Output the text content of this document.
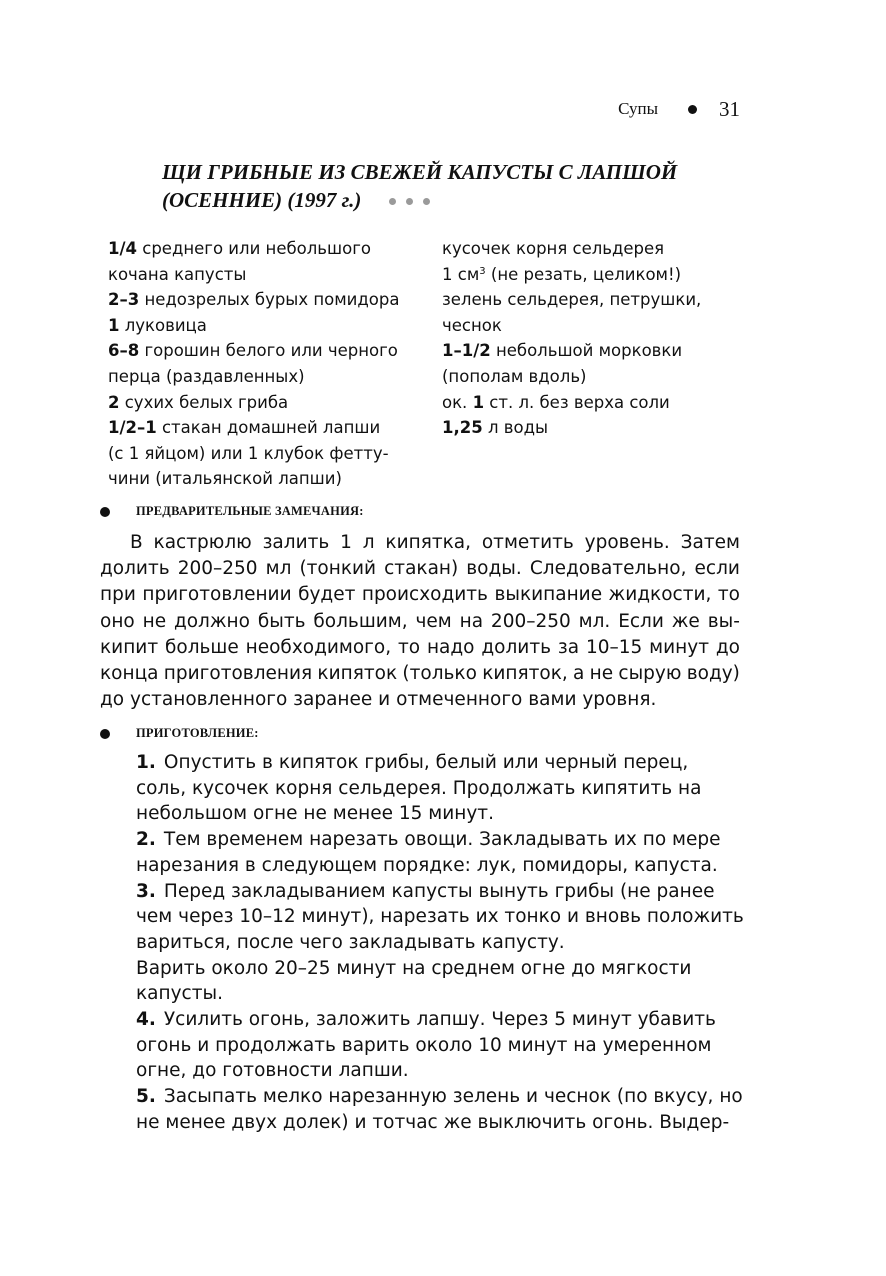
Супы	31
ЩИ ГРИБНЫЕ ИЗ СВЕЖЕЙ КАПУСТЫ С ЛАПШОЙ
(ОСЕННИЕ) (1997 г.)
1/4 среднего или небольшого
кочана капусты
2–3 недозрелых бурых помидора
1 луковица
6–8 горошин белого или черного
перца (раздавленных)
2 сухих белых гриба
1/2–1 стакан домашней лапши
(с 1 яйцом) или 1 клубок фетту-
чини (итальянской лапши)
кусочек корня сельдерея
1 $см^3$ (не резать, целиком!)
зелень сельдерея, петрушки,
чеснок
1–1/2 небольшой морковки
(пополам вдоль)
ок. 1 ст. л. без верха соли
1,25 л воды
ПРЕДВАРИТЕЛЬНЫЕ ЗАМЕЧАНИЯ:
В кастрюлю залить 1 л кипятка, отметить уровень. Затем
долить 200–250 мл (тонкий стакан) воды. Следовательно, если
при приготовлении будет происходить выкипание жидкости, то
оно не должно быть большим, чем на 200–250 мл. Если же вы-
кипит больше необходимого, то надо долить за 10–15 минут до
конца приготовления кипяток (только кипяток, а не сырую воду)
до установленного заранее и отмеченного вами уровня.
ПРИГОТОВЛЕНИЕ:
1. Опустить в кипяток грибы, белый или черный перец,
соль, кусочек корня сельдерея. Продолжать кипятить на
небольшом огне не менее 15 минут.
2. Тем временем нарезать овощи. Закладывать их по мере
нарезания в следующем порядке: лук, помидоры, капуста.
3. Перед закладыванием капусты вынуть грибы (не ранее
чем через 10–12 минут), нарезать их тонко и вновь положить
вариться, после чего закладывать капусту.
Варить около 20–25 минут на среднем огне до мягкости
капусты.
4. Усилить огонь, заложить лапшу. Через 5 минут убавить
огонь и продолжать варить около 10 минут на умеренном
огне, до готовности лапши.
5. Засыпать мелко нарезанную зелень и чеснок (по вкусу, но
не менее двух долек) и тотчас же выключить огонь. Выдер-
